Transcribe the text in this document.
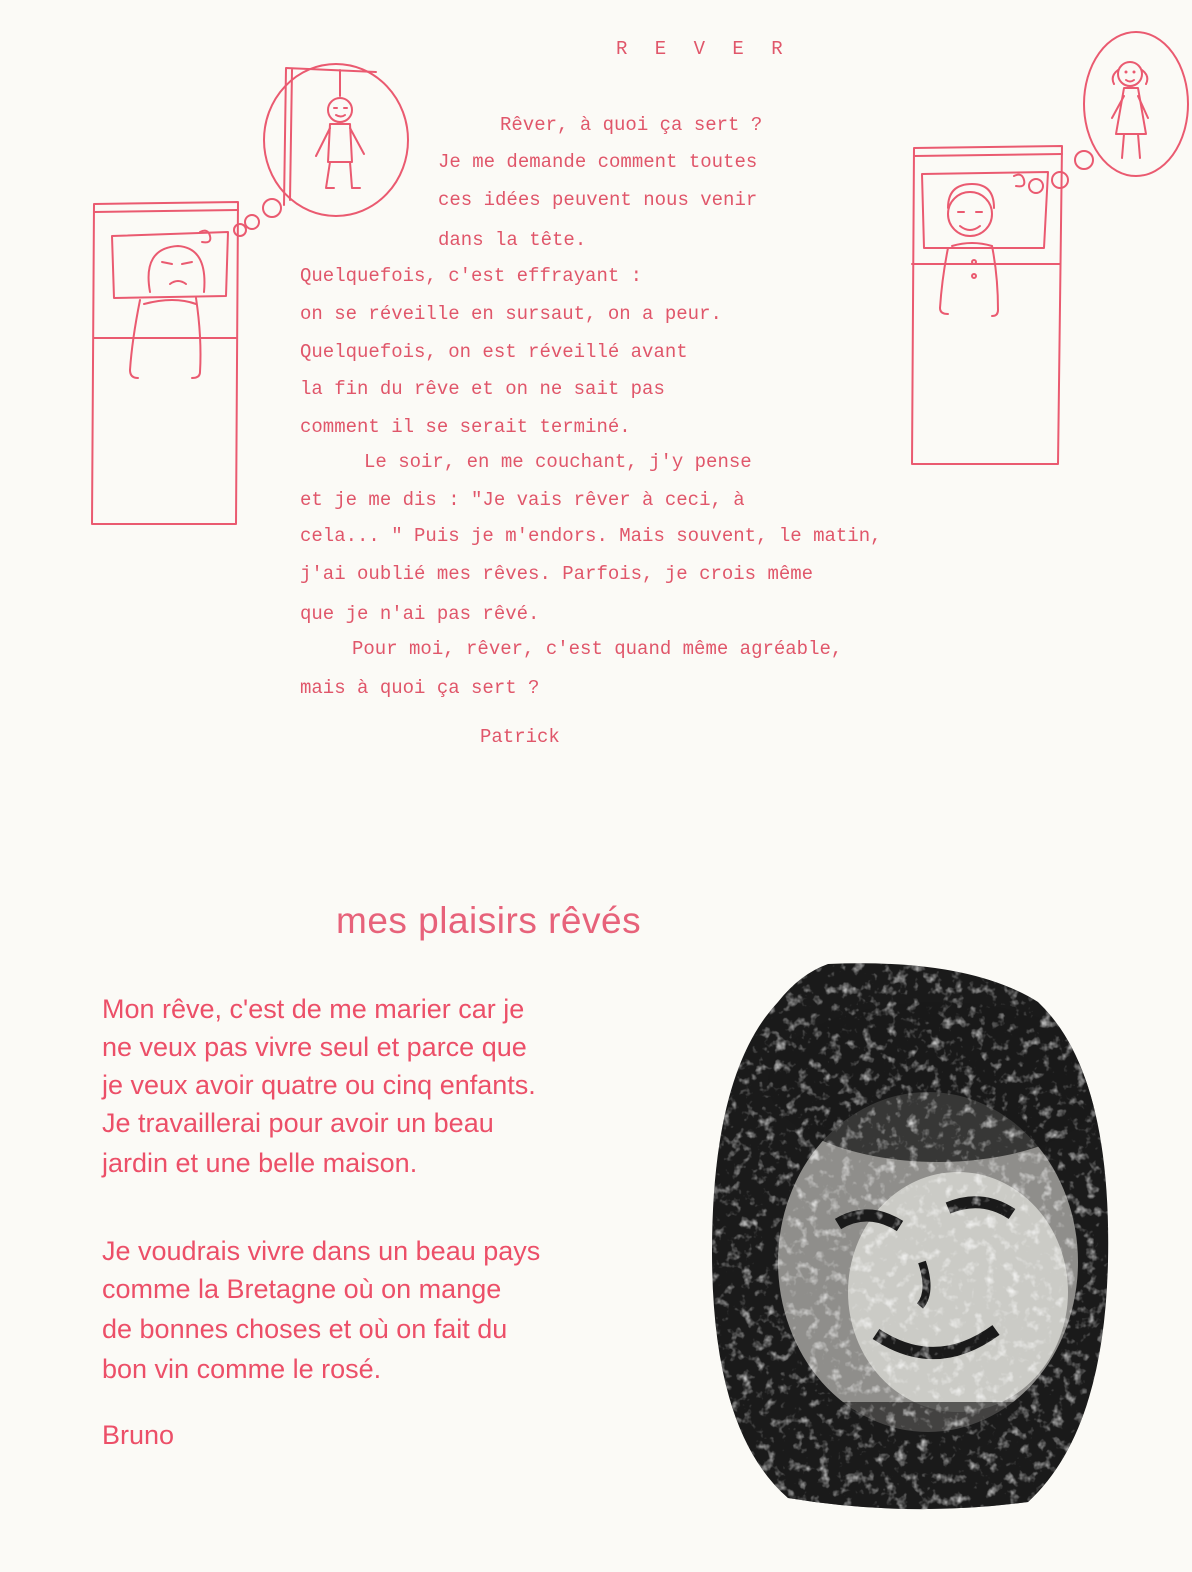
R E V E R
Rêver, à quoi ça sert ?
Je me demande comment toutes
ces idées peuvent nous venir
dans la tête.
Quelquefois, c'est effrayant :
on se réveille en sursaut, on a peur.
Quelquefois, on est réveillé avant
la fin du rêve et on ne sait pas
comment il se serait terminé.
Le soir, en me couchant, j'y pense
et je me dis : "Je vais rêver à ceci, à
cela... " Puis je m'endors. Mais souvent, le matin,
j'ai oublié mes rêves. Parfois, je crois même
que je n'ai pas rêvé.
Pour moi, rêver, c'est quand même agréable,
mais à quoi ça sert ?
Patrick
mes plaisirs rêvés
Mon rêve, c'est de me marier car je
ne veux pas vivre seul et parce que
je veux avoir quatre ou cinq enfants.
Je travaillerai pour avoir un beau
jardin et une belle maison.
Je voudrais vivre dans un beau pays
comme la Bretagne où on mange
de bonnes choses et où on fait du
bon vin comme le rosé.
Bruno
